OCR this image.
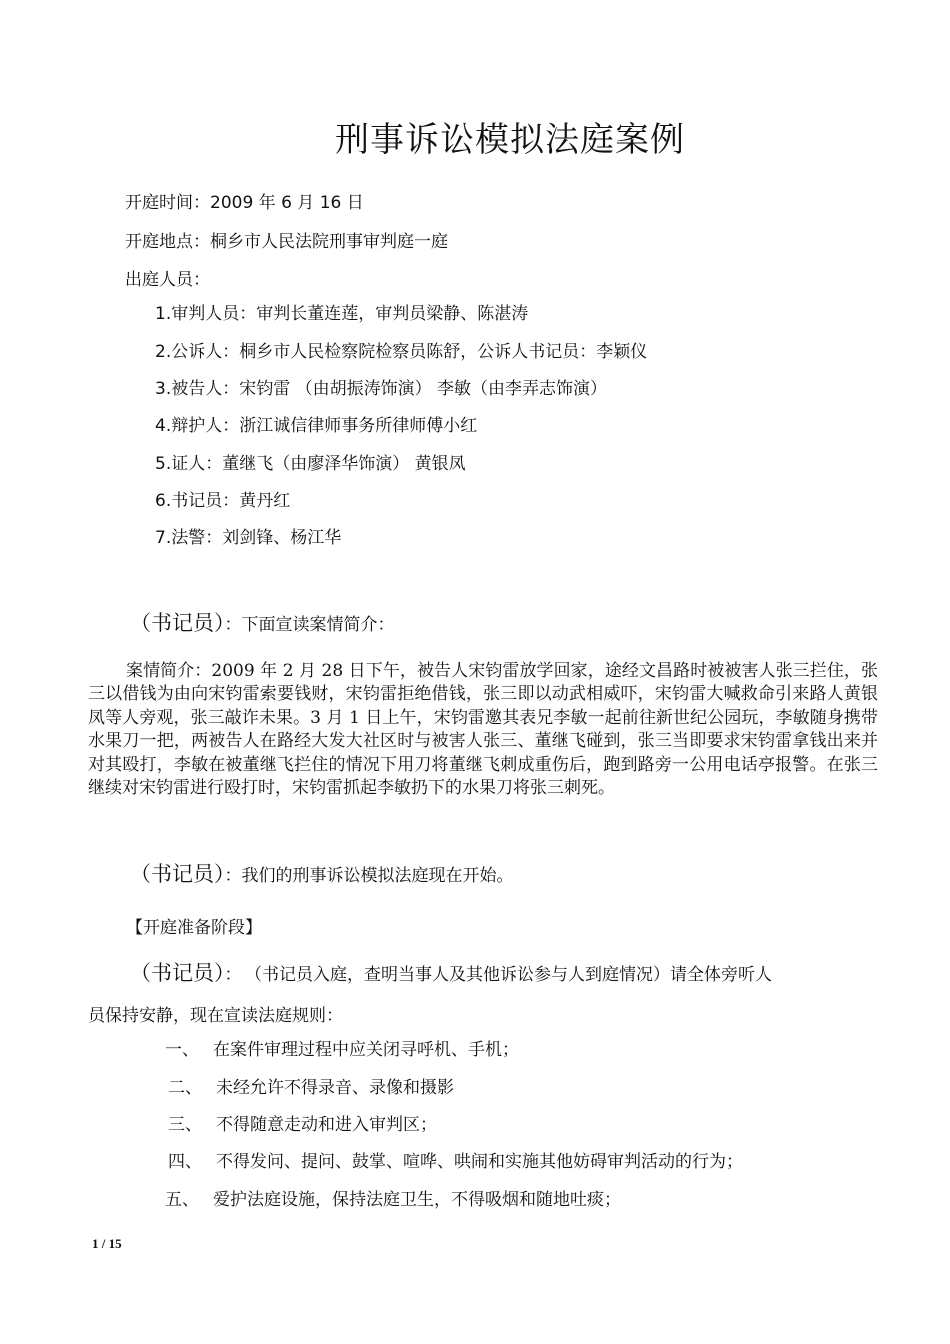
刑事诉讼模拟法庭案例
开庭时间：2009 年 6 月 16 日
开庭地点：桐乡市人民法院刑事审判庭一庭
出庭人员：
1.审判人员：审判长董连莲，审判员梁静、陈湛涛
2.公诉人：桐乡市人民检察院检察员陈舒，公诉人书记员：李颖仪
3.被告人：宋钧雷 （由胡振涛饰演） 李敏（由李弄志饰演）
4.辩护人：浙江诚信律师事务所律师傅小红
5.证人：董继飞（由廖泽华饰演） 黄银凤
6.书记员：黄丹红
7.法警：刘剑锋、杨江华
（书记员）：下面宣读案情简介：
案情简介：2009 年 2 月 28 日下午，被告人宋钧雷放学回家，途经文昌路时被被害人张三拦住，张三以借钱为由向宋钧雷索要钱财，宋钧雷拒绝借钱，张三即以动武相威吓，宋钧雷大喊救命引来路人黄银凤等人旁观，张三敲诈未果。3 月 1 日上午，宋钧雷邀其表兄李敏一起前往新世纪公园玩，李敏随身携带水果刀一把，两被告人在路经大发大社区时与被害人张三、董继飞碰到，张三当即要求宋钧雷拿钱出来并对其殴打，李敏在被董继飞拦住的情况下用刀将董继飞刺成重伤后，跑到路旁一公用电话亭报警。在张三继续对宋钧雷进行殴打时，宋钧雷抓起李敏扔下的水果刀将张三刺死。
（书记员）：我们的刑事诉讼模拟法庭现在开始。
【开庭准备阶段】
（书记员）： （书记员入庭，查明当事人及其他诉讼参与人到庭情况）请全体旁听人
员保持安静，现在宣读法庭规则：
一、 在案件审理过程中应关闭寻呼机、手机；
二、 未经允许不得录音、录像和摄影
三、 不得随意走动和进入审判区；
四、 不得发问、提问、鼓掌、喧哗、哄闹和实施其他妨碍审判活动的行为；
五、 爱护法庭设施，保持法庭卫生，不得吸烟和随地吐痰；
1 / 15
